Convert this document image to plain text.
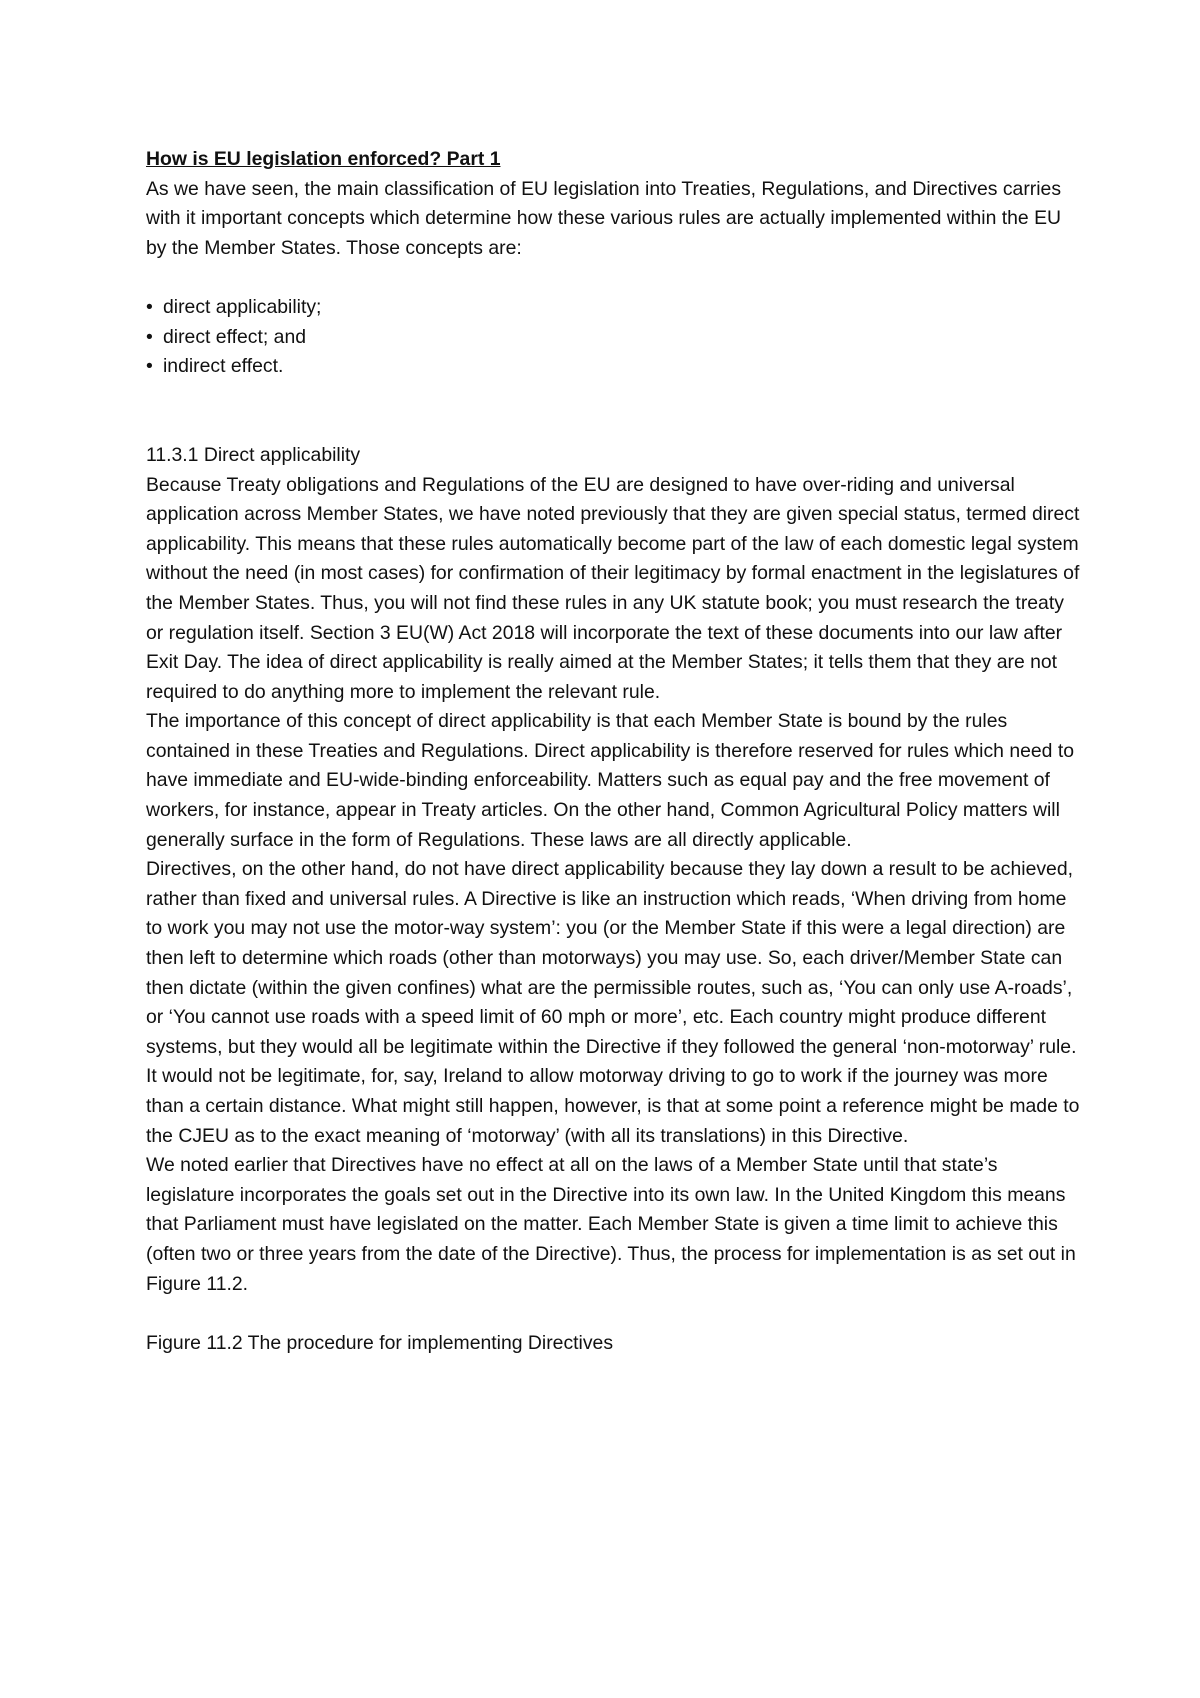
How is EU legislation enforced? Part 1

As we have seen, the main classification of EU legislation into Treaties, Regulations, and Directives carries with it important concepts which determine how these various rules are actually implemented within the EU by the Member States. Those concepts are:

• direct applicability;
• direct effect; and
• indirect effect.

11.3.1 Direct applicability

Because Treaty obligations and Regulations of the EU are designed to have over-riding and universal application across Member States, we have noted previously that they are given special status, termed direct applicability. This means that these rules automatically become part of the law of each domestic legal system without the need (in most cases) for confirmation of their legitimacy by formal enactment in the legislatures of the Member States. Thus, you will not find these rules in any UK statute book; you must research the treaty or regulation itself. Section 3 EU(W) Act 2018 will incorporate the text of these documents into our law after Exit Day. The idea of direct applicability is really aimed at the Member States; it tells them that they are not required to do anything more to implement the relevant rule.

The importance of this concept of direct applicability is that each Member State is bound by the rules contained in these Treaties and Regulations. Direct applicability is therefore reserved for rules which need to have immediate and EU-wide-binding enforceability. Matters such as equal pay and the free movement of workers, for instance, appear in Treaty articles. On the other hand, Common Agricultural Policy matters will generally surface in the form of Regulations. These laws are all directly applicable.

Directives, on the other hand, do not have direct applicability because they lay down a result to be achieved, rather than fixed and universal rules. A Directive is like an instruction which reads, ‘When driving from home to work you may not use the motor-way system’: you (or the Member State if this were a legal direction) are then left to determine which roads (other than motorways) you may use. So, each driver/Member State can then dictate (within the given confines) what are the permissible routes, such as, ‘You can only use A-roads’, or ‘You cannot use roads with a speed limit of 60 mph or more’, etc. Each country might produce different systems, but they would all be legitimate within the Directive if they followed the general ‘non-motorway’ rule. It would not be legitimate, for, say, Ireland to allow motorway driving to go to work if the journey was more than a certain distance. What might still happen, however, is that at some point a reference might be made to the CJEU as to the exact meaning of ‘motorway’ (with all its translations) in this Directive.

We noted earlier that Directives have no effect at all on the laws of a Member State until that state’s legislature incorporates the goals set out in the Directive into its own law. In the United Kingdom this means that Parliament must have legislated on the matter. Each Member State is given a time limit to achieve this (often two or three years from the date of the Directive). Thus, the process for implementation is as set out in Figure 11.2.

Figure 11.2 The procedure for implementing Directives
